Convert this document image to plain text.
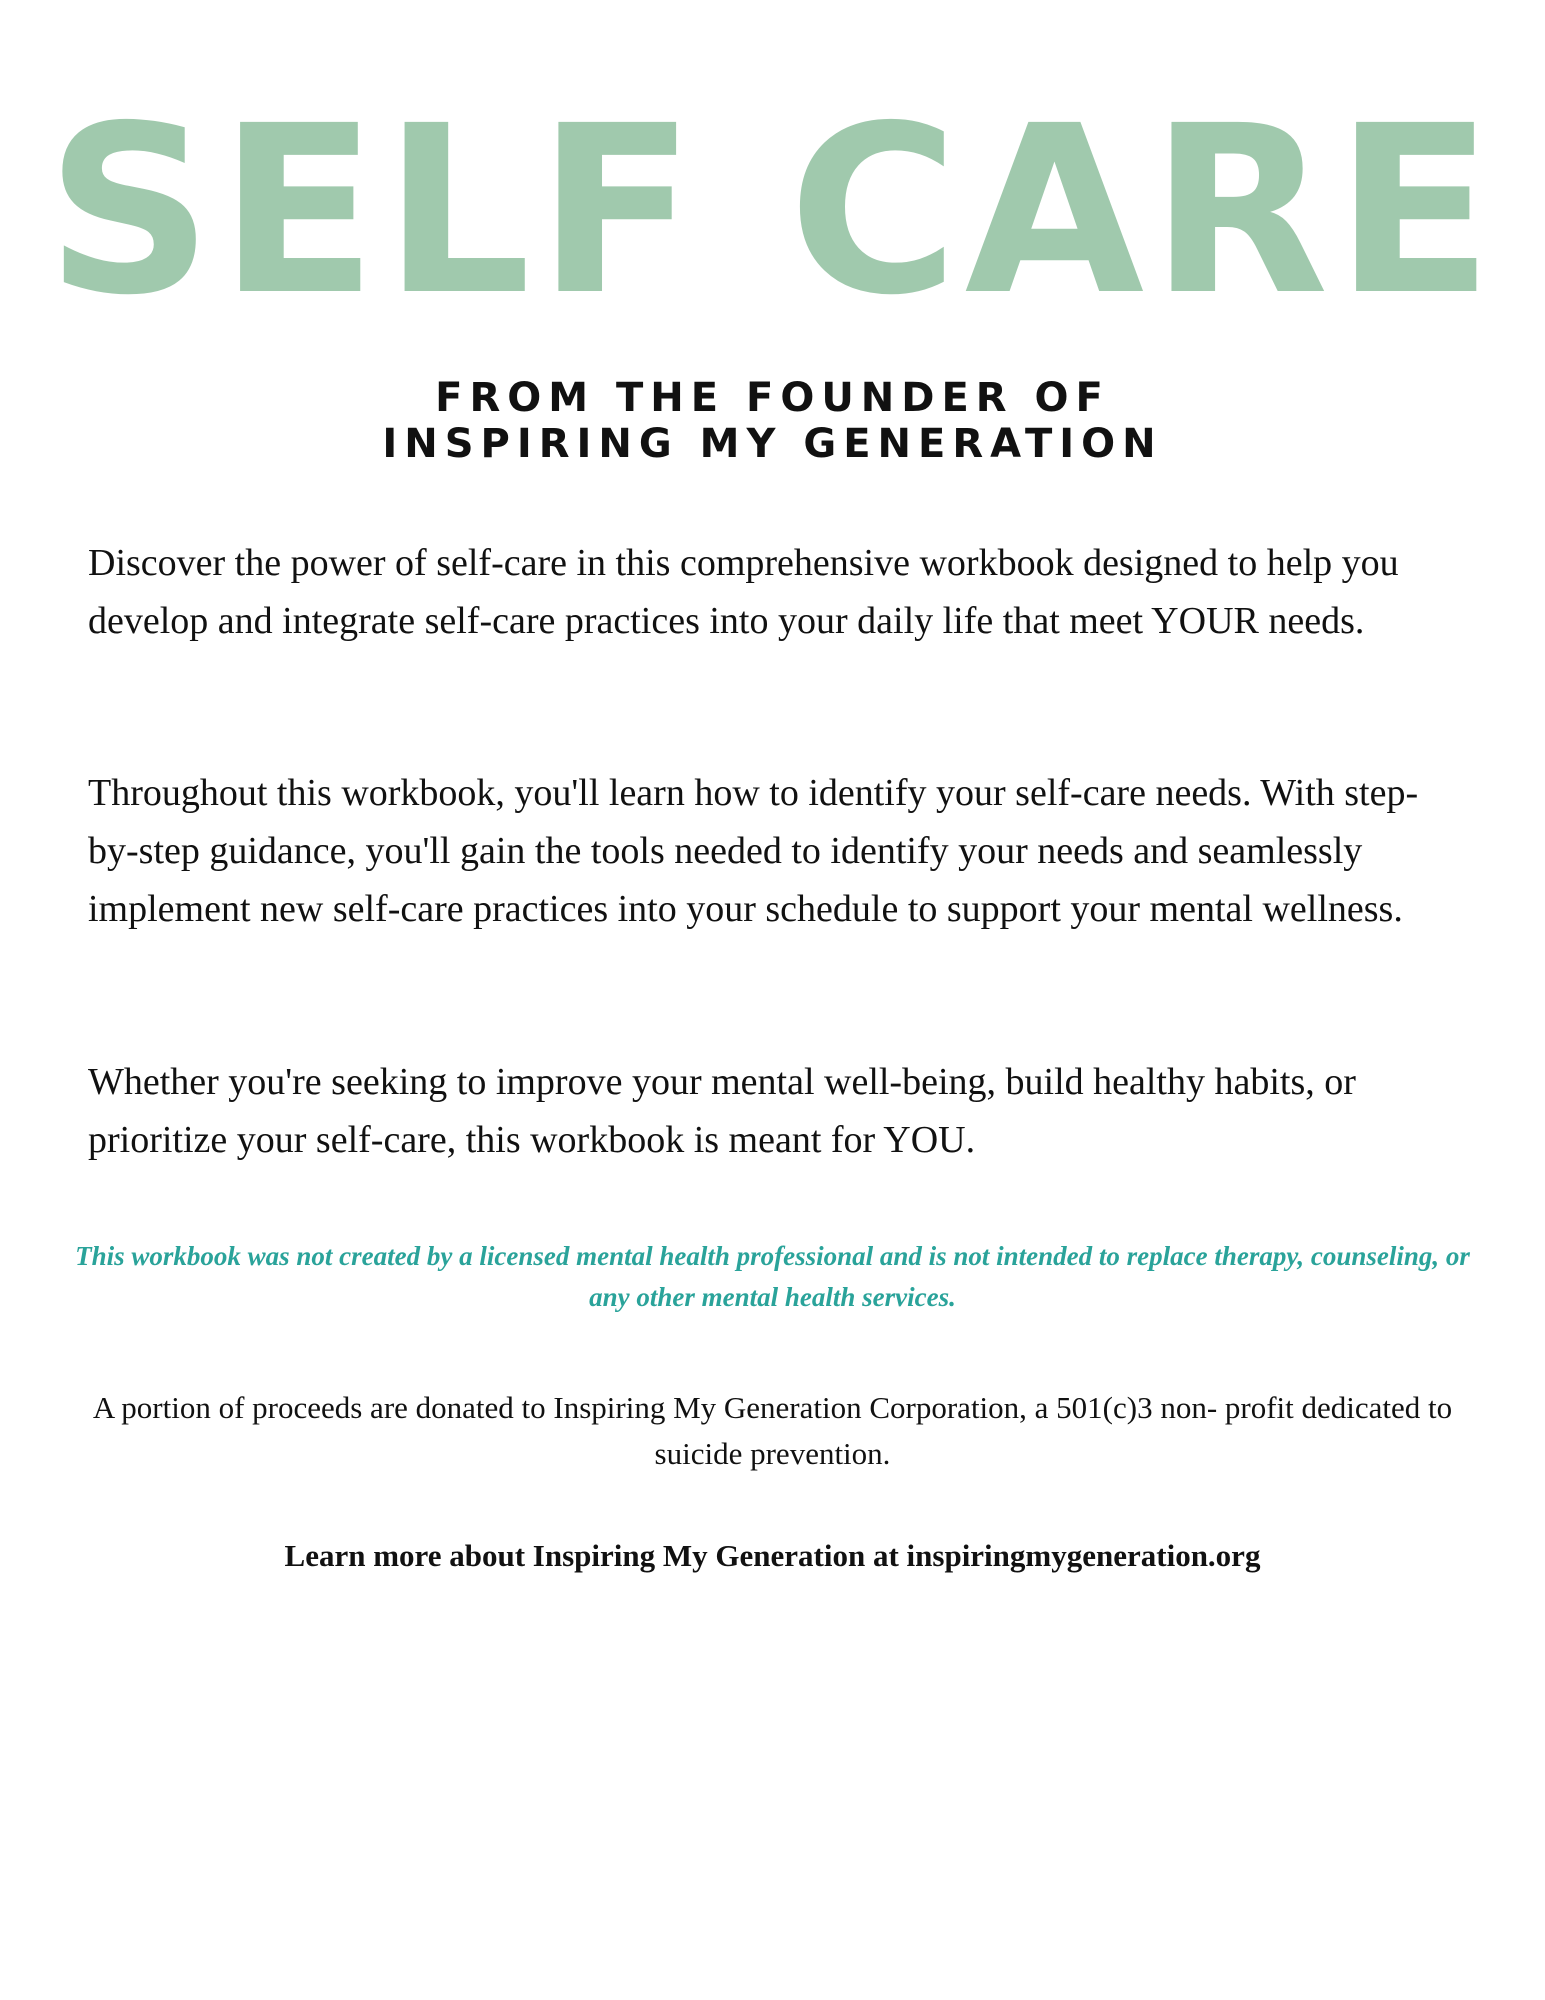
SELF CARE
FROM THE FOUNDER OF
INSPIRING MY GENERATION
Discover the power of self-care in this comprehensive workbook designed to help you develop and integrate self-care practices into your daily life that meet YOUR needs.
Throughout this workbook, you'll learn how to identify your self-care needs. With step-by-step guidance, you'll gain the tools needed to identify your needs and seamlessly implement new self-care practices into your schedule to support your mental wellness.
Whether you're seeking to improve your mental well-being, build healthy habits, or prioritize your self-care, this workbook is meant for YOU.
This workbook was not created by a licensed mental health professional and is not intended to replace therapy, counseling, or any other mental health services.
A portion of proceeds are donated to Inspiring My Generation Corporation, a 501(c)3 non- profit dedicated to suicide prevention.
Learn more about Inspiring My Generation at inspiringmygeneration.org
